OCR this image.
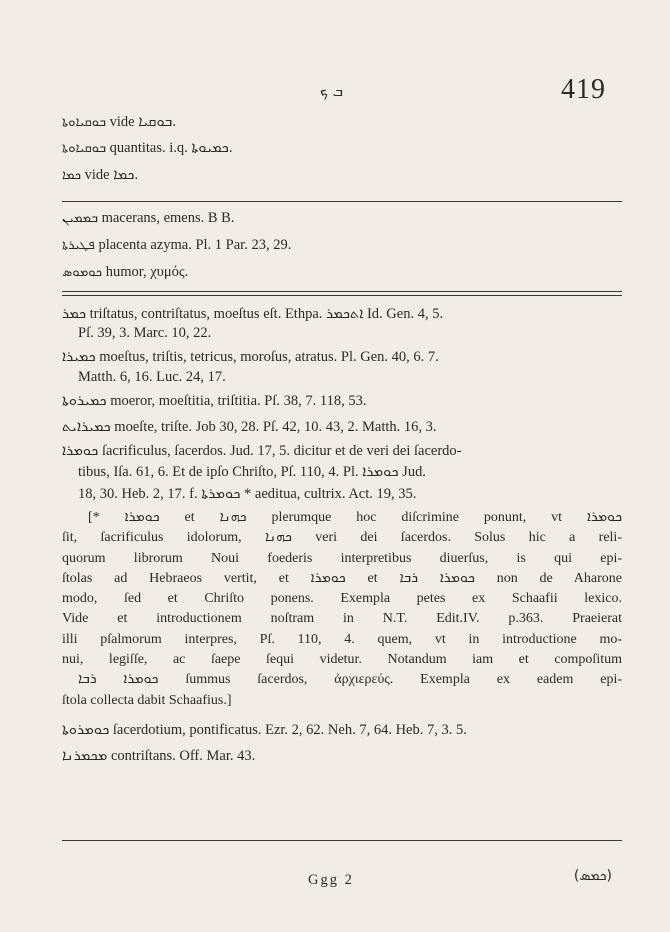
ܒ ܟ	419
ܒܘܩܝܐܘܬܐ vide ܒܘܩܝܐ.
ܒܘܩܝܐܘܬܐ quantitas. i.q. ܟܡܝܘܬܐ.
ܟܡܐ vide ܟܡܐ.
ܒܡܡܝܢ macerans, emens. B B.
ܦܛܝܪܬܐ placenta azyma. Pl. 1 Par. 23, 29.
ܟܘܡܘܣ humor, χυμός.
ܟܡܪ triſtatus, contriſtatus, moeſtus eſt. Ethpa. ܐܬܟܡܪ Id. Gen. 4, 5.
Pſ. 39, 3. Marc. 10, 22.
ܟܡܝܪܐ moeſtus, triſtis, tetricus, moroſus, atratus. Pl. Gen. 40, 6. 7.
Matth. 6, 16. Luc. 24, 17.
ܟܡܝܪܘܬܐ moeror, moeſtitia, triſtitia. Pſ. 38, 7. 118, 53.
ܟܡܝܪܐܝܬ moeſte, triſte. Job 30, 28. Pſ. 42, 10. 43, 2. Matth. 16, 3.
ܟܘܡܪܐ ſacrificulus, ſacerdos. Jud. 17, 5. dicitur et de veri dei ſacerdo-
tibus, Iſa. 61, 6. Et de ipſo Chriſto, Pſ. 110, 4. Pl. ܟܘܡܪܐ Jud.
18, 30. Heb. 2, 17. f. ܟܘܡܪܬܐ * aeditua, cultrix. Act. 19, 35.

[* ܟܘܡܪܐ et ܟܗܢܐ plerumque hoc diſcrimine ponunt, vt ܟܘܡܪܐ

ſit, ſacrificulus idolorum, ܟܗܢܐ veri dei ſacerdos. Solus hic a reli-

quorum librorum Noui foederis interpretibus diuerſus, is qui epi-

ſtolas ad Hebraeos vertit, et ܟܘܡܪܐ et ܟܘܡܪܐ ܪܒܐ non de Aharone

modo, ſed et Chriſto ponens. Exempla petes ex Schaafii lexico.

Vide et introductionem noſtram in N.T. Edit.IV. p.363. Praeierat

illi pſalmorum interpres, Pſ. 110, 4. quem, vt in introductione mo-

nui, legiſſe, ac ſaepe ſequi videtur. Notandum iam et compoſitum

ܟܘܡܪܐ ܪܒܐ ſummus ſacerdos, ἀρχιερεύς. Exempla ex eadem epi-

ſtola collecta dabit Schaafius.]

ܟܘܡܪܘܬܐ ſacerdotium, pontificatus. Ezr. 2, 62. Neh. 7, 64. Heb. 7, 3. 5.
ܡܟܡܪܢܐ contriſtans. Off. Mar. 43.
Ggg 2	(ܟܡܣ)
